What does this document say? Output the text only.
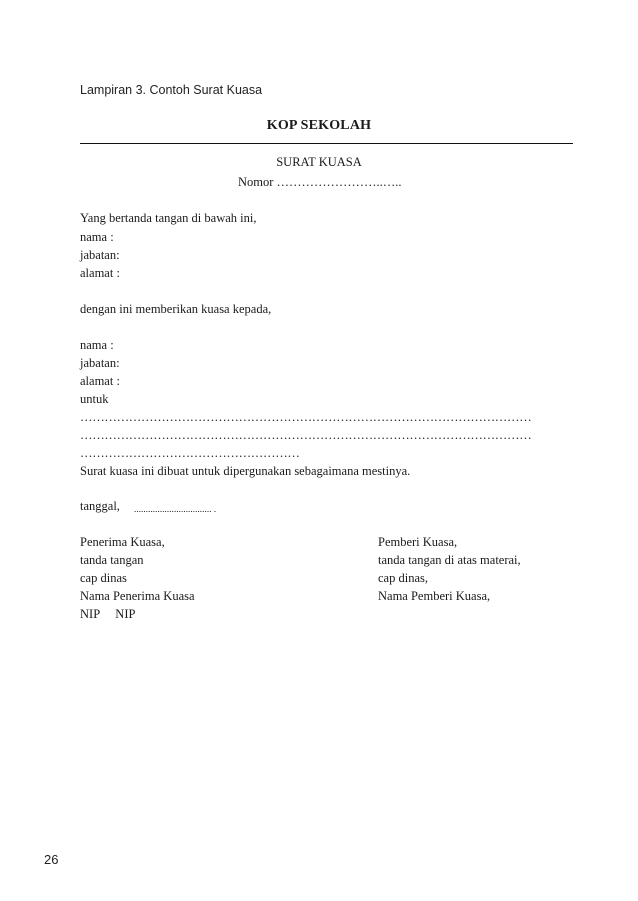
Lampiran 3. Contoh Surat Kuasa
KOP SEKOLAH
SURAT KUASA
Nomor ……………………..…..
Yang bertanda tangan di bawah ini,
nama :
jabatan:
alamat :
dengan ini memberikan kuasa kepada,
nama :
jabatan:
alamat :
untuk
…………………………………………………………………………………………………
…………………………………………………………………………………………………
………………………………………………
Surat kuasa ini dibuat untuk dipergunakan sebagaimana mestinya.
tanggal, ................................. .
Penerima Kuasa,
tanda tangan
cap dinas
Nama Penerima Kuasa
NIP     NIP
Pemberi Kuasa,
tanda tangan di atas materai,
cap dinas,
Nama Pemberi Kuasa,
26
